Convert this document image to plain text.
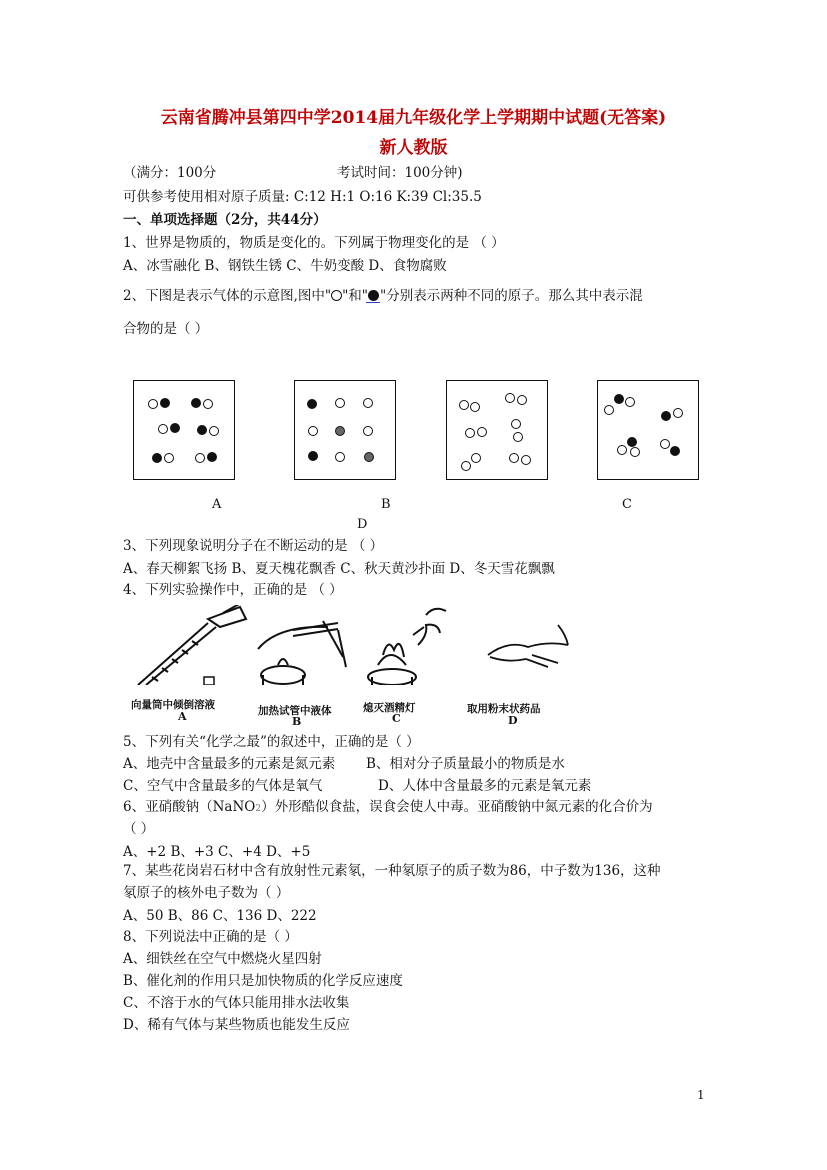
云南省腾冲县第四中学2014届九年级化学上学期期中试题(无答案)
新人教版
（满分：100分	考试时间：100分钟)
可供参考使用相对原子质量: C:12 H:1 O:16 K:39 Cl:35.5
一、单项选择题（2分，共44分）
1、世界是物质的，物质是变化的。下列属于物理变化的是 （ ）
A、冰雪融化 B、钢铁生锈 C、牛奶变酸 D、食物腐败
2、下图是表示气体的示意图,图中" "和" "分别表示两种不同的原子。那么其中表示混
合物的是（ ）
A	B	C
D
3、下列现象说明分子在不断运动的是 （ ）
A、春天柳絮飞扬 B、夏天槐花飘香 C、秋天黄沙扑面 D、冬天雪花飘飘
4、下列实验操作中，正确的是 （ ）
向量筒中倾倒溶液	加热试管中液体	熄灭酒精灯	取用粉末状药品
A	B	C	D
5、下列有关“化学之最”的叙述中，正确的是（ ）
A、地壳中含量最多的元素是氮元素 B、相对分子质量最小的物质是水
C、空气中含量最多的气体是氧气	D、人体中含量最多的元素是氧元素
6、亚硝酸钠（NaNO2）外形酷似食盐，误食会使人中毒。亚硝酸钠中氮元素的化合价为
（ ）
A、+2 B、+3 C、+4 D、+5
7、某些花岗岩石材中含有放射性元素氡，一种氡原子的质子数为86，中子数为136，这种
氡原子的核外电子数为（ ）
A、50 B、86 C、136 D、222
8、下列说法中正确的是（ ）
A、细铁丝在空气中燃烧火星四射
B、催化剂的作用只是加快物质的化学反应速度
C、不溶于水的气体只能用排水法收集
D、稀有气体与某些物质也能发生反应
1
